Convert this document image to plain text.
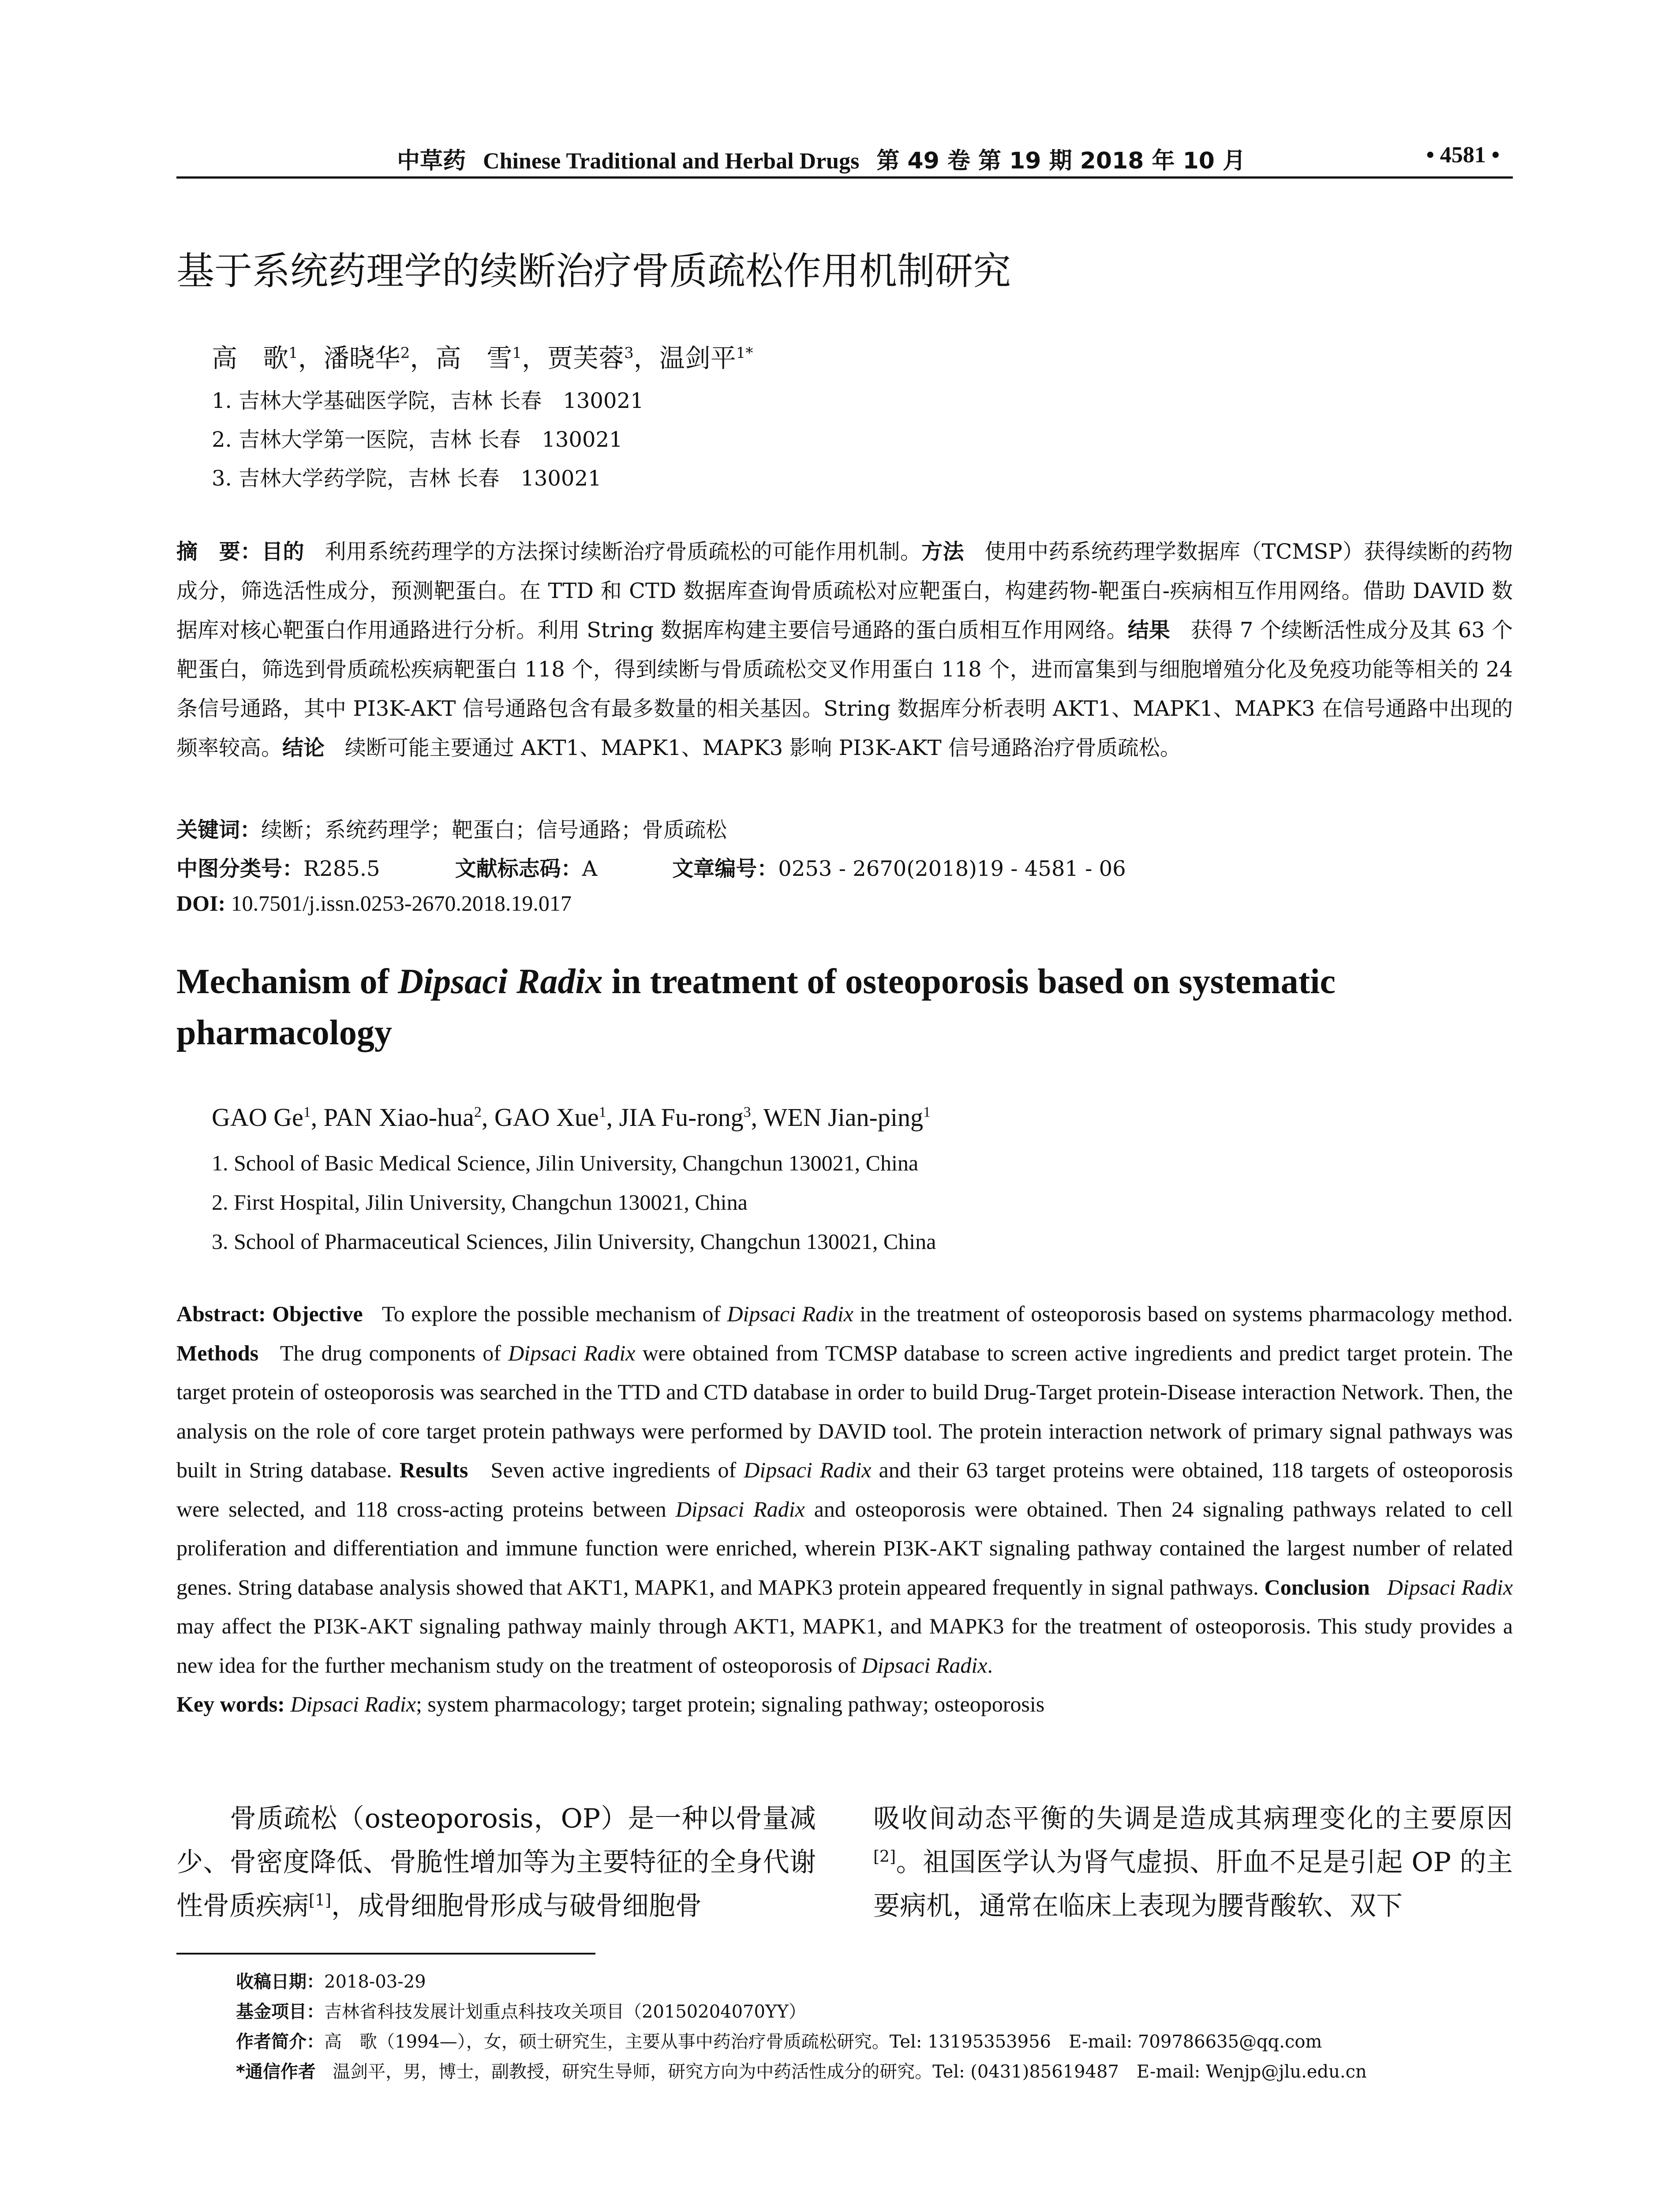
中草药 Chinese Traditional and Herbal Drugs 第 49 卷 第 19 期 2018 年 10 月	• 4581 •
基于系统药理学的续断治疗骨质疏松作用机制研究
高　歌$^1$，潘晓华$^2$，高　雪$^1$，贾芙蓉$^3$，温剑平$^{1*}$
1. 吉林大学基础医学院，吉林 长春　130021
2. 吉林大学第一医院，吉林 长春　130021
3. 吉林大学药学院，吉林 长春　130021
摘　要：目的 利用系统药理学的方法探讨续断治疗骨质疏松的可能作用机制。方法 使用中药系统药理学数据库（TCMSP）获得续断的药物成分，筛选活性成分，预测靶蛋白。在 TTD 和 CTD 数据库查询骨质疏松对应靶蛋白，构建药物-靶蛋白-疾病相互作用网络。借助 DAVID 数据库对核心靶蛋白作用通路进行分析。利用 String 数据库构建主要信号通路的蛋白质相互作用网络。结果 获得 7 个续断活性成分及其 63 个靶蛋白，筛选到骨质疏松疾病靶蛋白 118 个，得到续断与骨质疏松交叉作用蛋白 118 个，进而富集到与细胞增殖分化及免疫功能等相关的 24 条信号通路，其中 PI3K-AKT 信号通路包含有最多数量的相关基因。String 数据库分析表明 AKT1、MAPK1、MAPK3 在信号通路中出现的频率较高。结论 续断可能主要通过 AKT1、MAPK1、MAPK3 影响 PI3K-AKT 信号通路治疗骨质疏松。
关键词：续断；系统药理学；靶蛋白；信号通路；骨质疏松
中图分类号：R285.5	文献标志码：A	文章编号：0253 - 2670(2018)19 - 4581 - 06
DOI: 10.7501/j.issn.0253-2670.2018.19.017
Mechanism of Dipsaci Radix in treatment of osteoporosis based on systematic pharmacology
GAO Ge$^1$, PAN Xiao-hua$^2$, GAO Xue$^1$, JIA Fu-rong$^3$, WEN Jian-ping$^1$
1. School of Basic Medical Science, Jilin University, Changchun 130021, China
2. First Hospital, Jilin University, Changchun 130021, China
3. School of Pharmaceutical Sciences, Jilin University, Changchun 130021, China
Abstract: Objective To explore the possible mechanism of Dipsaci Radix in the treatment of osteoporosis based on systems pharmacology method. Methods The drug components of Dipsaci Radix were obtained from TCMSP database to screen active ingredients and predict target protein. The target protein of osteoporosis was searched in the TTD and CTD database in order to build Drug-Target protein-Disease interaction Network. Then, the analysis on the role of core target protein pathways were performed by DAVID tool. The protein interaction network of primary signal pathways was built in String database. Results Seven active ingredients of Dipsaci Radix and their 63 target proteins were obtained, 118 targets of osteoporosis were selected, and 118 cross-acting proteins between Dipsaci Radix and osteoporosis were obtained. Then 24 signaling pathways related to cell proliferation and differentiation and immune function were enriched, wherein PI3K-AKT signaling pathway contained the largest number of related genes. String database analysis showed that AKT1, MAPK1, and MAPK3 protein appeared frequently in signal pathways. Conclusion Dipsaci Radix may affect the PI3K-AKT signaling pathway mainly through AKT1, MAPK1, and MAPK3 for the treatment of osteoporosis. This study provides a new idea for the further mechanism study on the treatment of osteoporosis of Dipsaci Radix.
Key words: Dipsaci Radix; system pharmacology; target protein; signaling pathway; osteoporosis
  骨质疏松（osteoporosis，OP）是一种以骨量减少、骨密度降低、骨脆性增加等为主要特征的全身代谢性骨质疾病[1]，成骨细胞骨形成与破骨细胞骨
吸收间动态平衡的失调是造成其病理变化的主要原因[2]。祖国医学认为肾气虚损、肝血不足是引起 OP 的主要病机，通常在临床上表现为腰背酸软、双下
收稿日期：2018-03-29
基金项目：吉林省科技发展计划重点科技攻关项目（20150204070YY）
作者简介：高　歌（1994—），女，硕士研究生，主要从事中药治疗骨质疏松研究。Tel: 13195353956　E-mail: 709786635@qq.com
*通信作者 温剑平，男，博士，副教授，研究生导师，研究方向为中药活性成分的研究。Tel: (0431)85619487　E-mail: Wenjp@jlu.edu.cn
